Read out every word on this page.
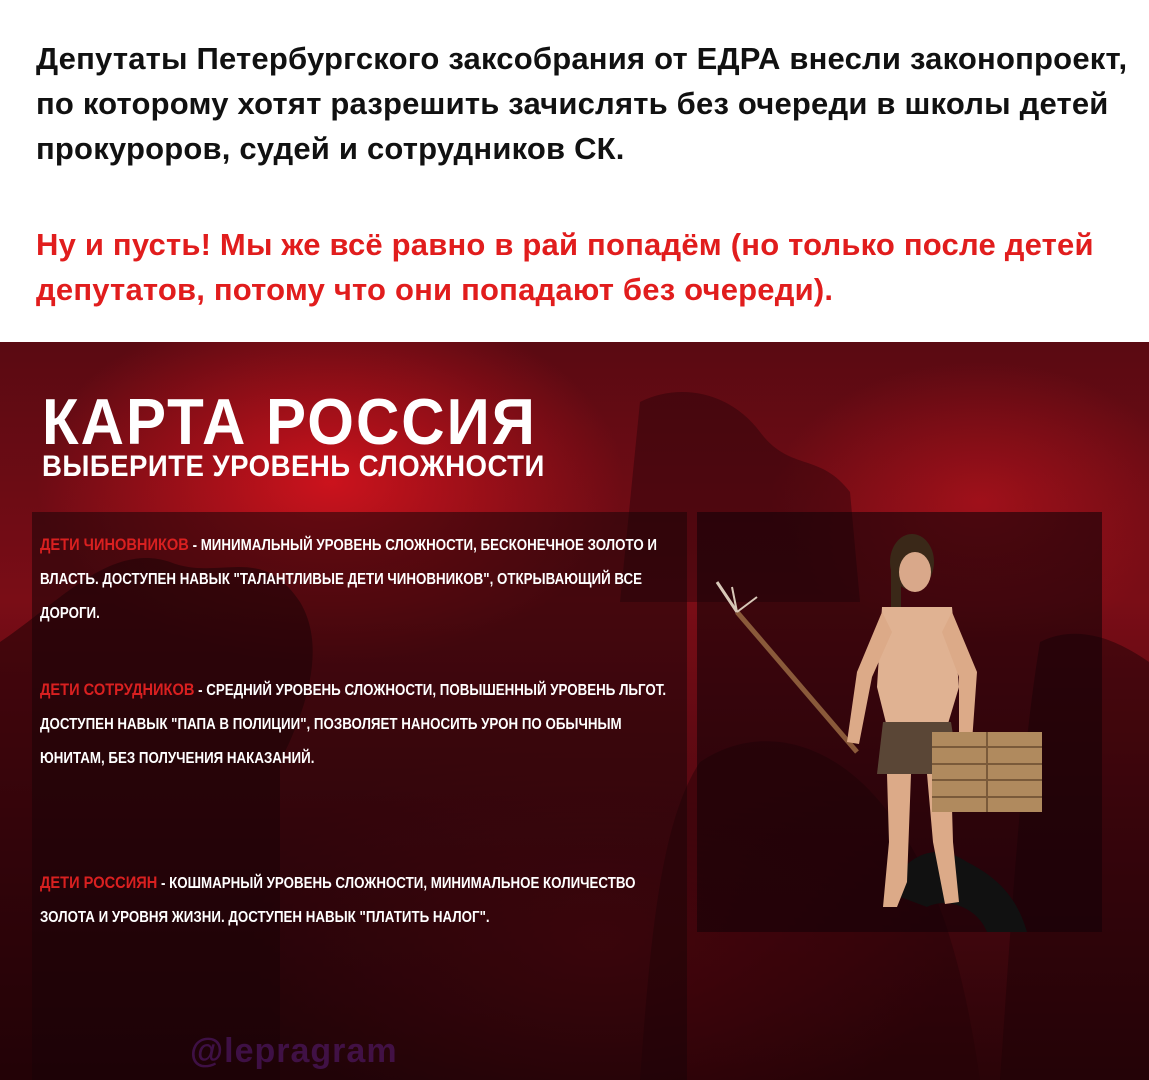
Депутаты Петербургского заксобрания от ЕДРА внесли законопроект, по которому хотят разрешить зачислять без очереди в школы детей прокуроров, судей и сотрудников СК.

Ну и пусть! Мы же всё равно в рай попадём (но только после детей депутатов, потому что они попадают без очереди).

КАРТА РОССИЯ
ВЫБЕРИТЕ УРОВЕНЬ СЛОЖНОСТИ

ДЕТИ ЧИНОВНИКОВ - МИНИМАЛЬНЫЙ УРОВЕНЬ СЛОЖНОСТИ, БЕСКОНЕЧНОЕ ЗОЛОТО И ВЛАСТЬ. ДОСТУПЕН НАВЫК "ТАЛАНТЛИВЫЕ ДЕТИ ЧИНОВНИКОВ", ОТКРЫВАЮЩИЙ ВСЕ ДОРОГИ.

ДЕТИ СОТРУДНИКОВ - СРЕДНИЙ УРОВЕНЬ СЛОЖНОСТИ, ПОВЫШЕННЫЙ УРОВЕНЬ ЛЬГОТ. ДОСТУПЕН НАВЫК "ПАПА В ПОЛИЦИИ", ПОЗВОЛЯЕТ НАНОСИТЬ УРОН ПО ОБЫЧНЫМ ЮНИТАМ, БЕЗ ПОЛУЧЕНИЯ НАКАЗАНИЙ.

ДЕТИ РОССИЯН - КОШМАРНЫЙ УРОВЕНЬ СЛОЖНОСТИ, МИНИМАЛЬНОЕ КОЛИЧЕСТВО ЗОЛОТА И УРОВНЯ ЖИЗНИ. ДОСТУПЕН НАВЫК "ПЛАТИТЬ НАЛОГ".

@lepragram
